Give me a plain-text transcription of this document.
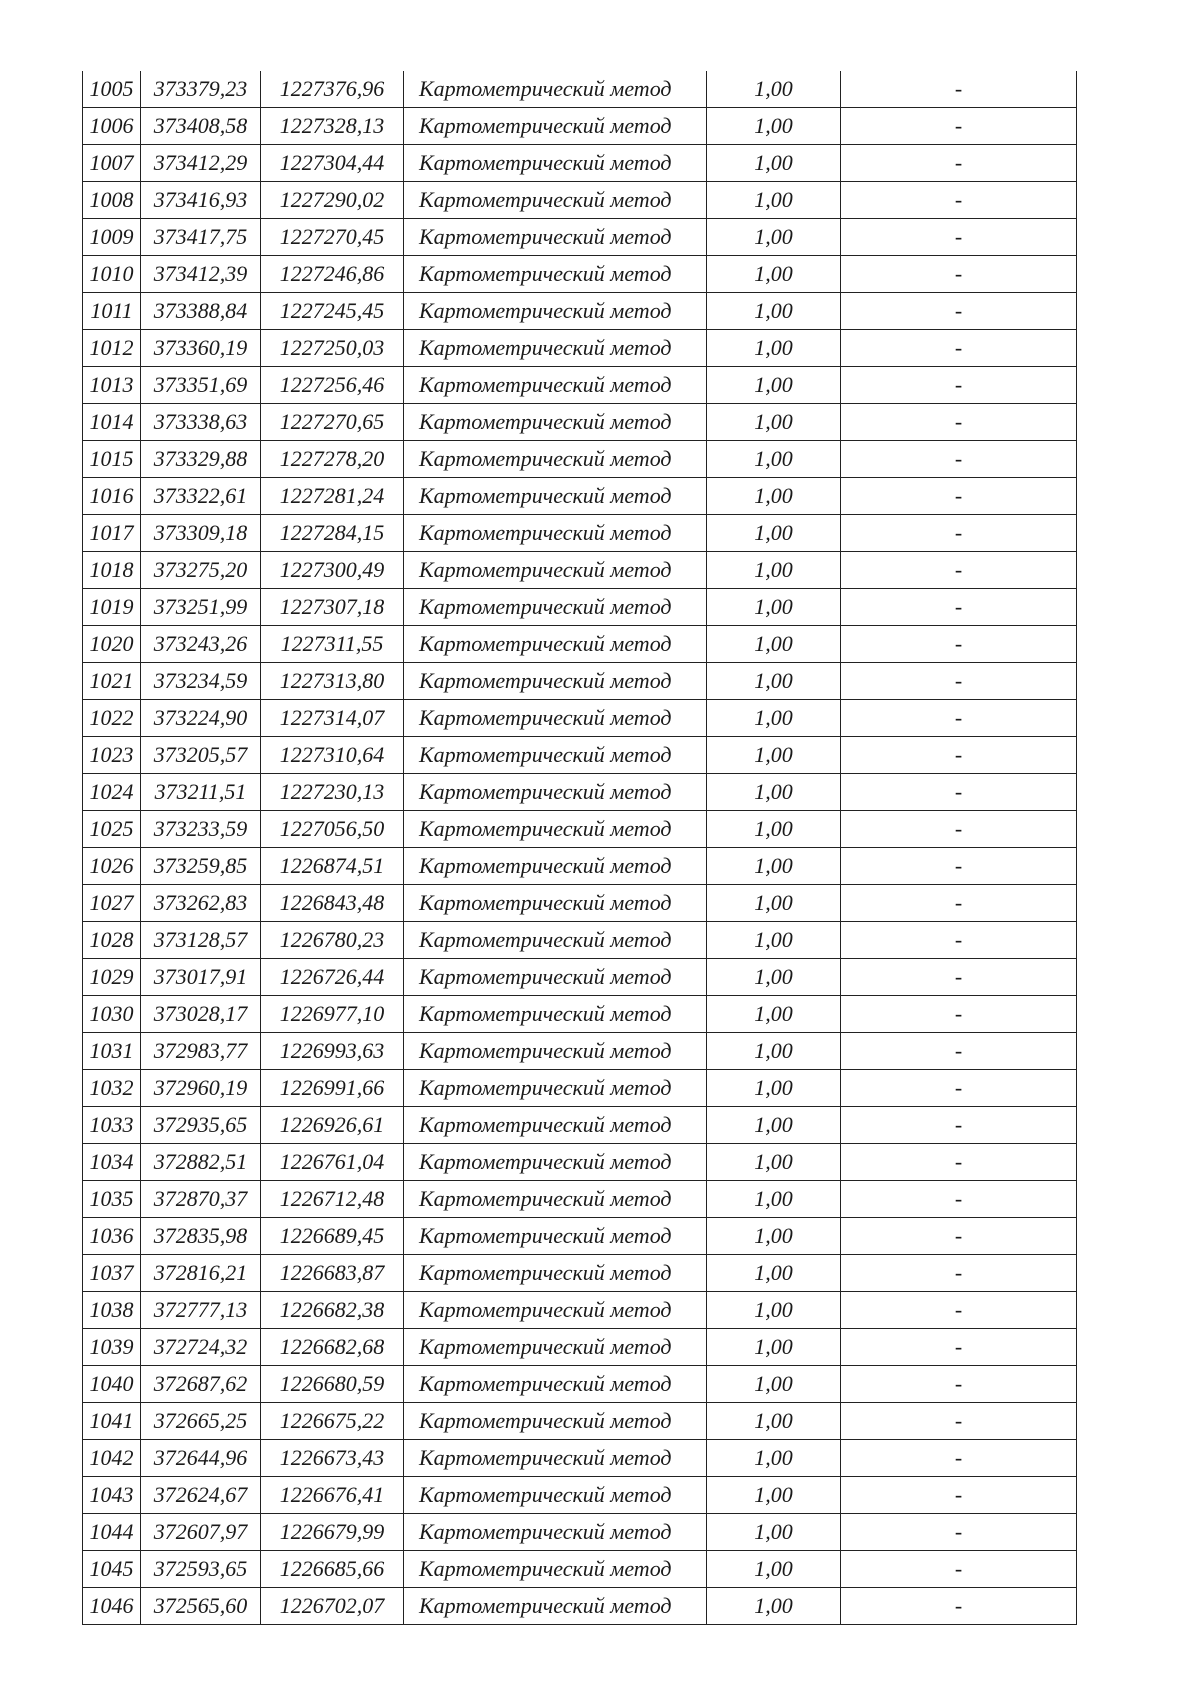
1005	373379,23	1227376,96	Картометрический метод	1,00	-
1006	373408,58	1227328,13	Картометрический метод	1,00	-
1007	373412,29	1227304,44	Картометрический метод	1,00	-
1008	373416,93	1227290,02	Картометрический метод	1,00	-
1009	373417,75	1227270,45	Картометрический метод	1,00	-
1010	373412,39	1227246,86	Картометрический метод	1,00	-
1011	373388,84	1227245,45	Картометрический метод	1,00	-
1012	373360,19	1227250,03	Картометрический метод	1,00	-
1013	373351,69	1227256,46	Картометрический метод	1,00	-
1014	373338,63	1227270,65	Картометрический метод	1,00	-
1015	373329,88	1227278,20	Картометрический метод	1,00	-
1016	373322,61	1227281,24	Картометрический метод	1,00	-
1017	373309,18	1227284,15	Картометрический метод	1,00	-
1018	373275,20	1227300,49	Картометрический метод	1,00	-
1019	373251,99	1227307,18	Картометрический метод	1,00	-
1020	373243,26	1227311,55	Картометрический метод	1,00	-
1021	373234,59	1227313,80	Картометрический метод	1,00	-
1022	373224,90	1227314,07	Картометрический метод	1,00	-
1023	373205,57	1227310,64	Картометрический метод	1,00	-
1024	373211,51	1227230,13	Картометрический метод	1,00	-
1025	373233,59	1227056,50	Картометрический метод	1,00	-
1026	373259,85	1226874,51	Картометрический метод	1,00	-
1027	373262,83	1226843,48	Картометрический метод	1,00	-
1028	373128,57	1226780,23	Картометрический метод	1,00	-
1029	373017,91	1226726,44	Картометрический метод	1,00	-
1030	373028,17	1226977,10	Картометрический метод	1,00	-
1031	372983,77	1226993,63	Картометрический метод	1,00	-
1032	372960,19	1226991,66	Картометрический метод	1,00	-
1033	372935,65	1226926,61	Картометрический метод	1,00	-
1034	372882,51	1226761,04	Картометрический метод	1,00	-
1035	372870,37	1226712,48	Картометрический метод	1,00	-
1036	372835,98	1226689,45	Картометрический метод	1,00	-
1037	372816,21	1226683,87	Картометрический метод	1,00	-
1038	372777,13	1226682,38	Картометрический метод	1,00	-
1039	372724,32	1226682,68	Картометрический метод	1,00	-
1040	372687,62	1226680,59	Картометрический метод	1,00	-
1041	372665,25	1226675,22	Картометрический метод	1,00	-
1042	372644,96	1226673,43	Картометрический метод	1,00	-
1043	372624,67	1226676,41	Картометрический метод	1,00	-
1044	372607,97	1226679,99	Картометрический метод	1,00	-
1045	372593,65	1226685,66	Картометрический метод	1,00	-
1046	372565,60	1226702,07	Картометрический метод	1,00	-
